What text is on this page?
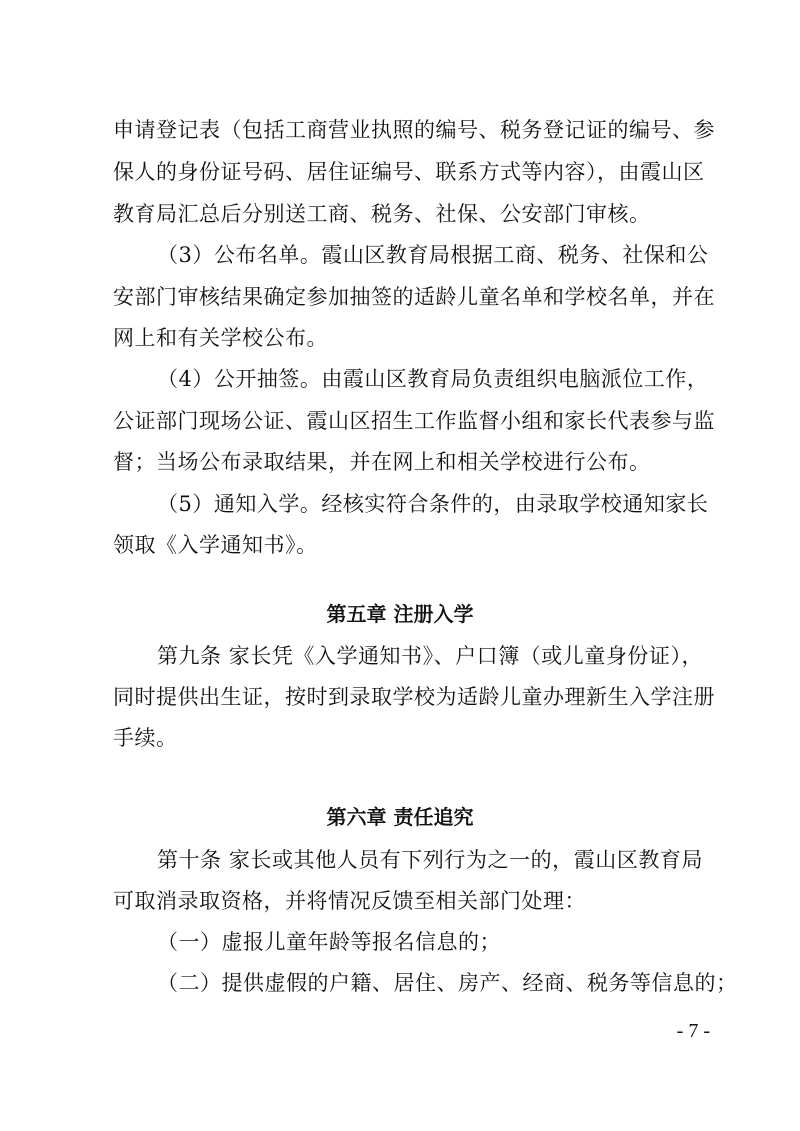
申请登记表（包括工商营业执照的编号、税务登记证的编号、参
保人的身份证号码、居住证编号、联系方式等内容），由霞山区
教育局汇总后分别送工商、税务、社保、公安部门审核。
（3）公布名单。霞山区教育局根据工商、税务、社保和公
安部门审核结果确定参加抽签的适龄儿童名单和学校名单，并在
网上和有关学校公布。
（4）公开抽签。由霞山区教育局负责组织电脑派位工作，
公证部门现场公证、霞山区招生工作监督小组和家长代表参与监
督；当场公布录取结果，并在网上和相关学校进行公布。
（5）通知入学。经核实符合条件的，由录取学校通知家长
领取《入学通知书》。
第五章 注册入学
第九条 家长凭《入学通知书》、户口簿（或儿童身份证），
同时提供出生证，按时到录取学校为适龄儿童办理新生入学注册
手续。
第六章 责任追究
第十条 家长或其他人员有下列行为之一的，霞山区教育局
可取消录取资格，并将情况反馈至相关部门处理：
（一）虚报儿童年龄等报名信息的；
（二）提供虚假的户籍、居住、房产、经商、税务等信息的；
- 7 -
